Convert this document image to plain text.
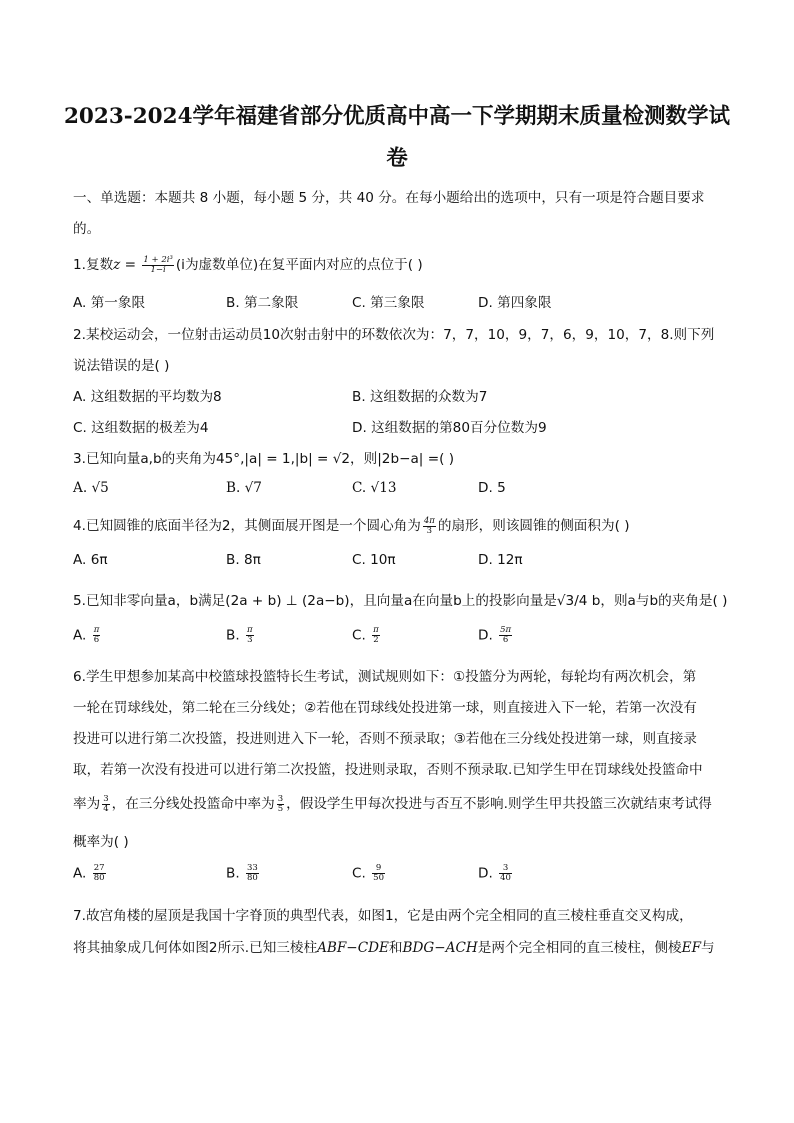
2023-2024学年福建省部分优质高中高一下学期期末质量检测数学试
卷
一、单选题：本题共 8 小题，每小题 5 分，共 40 分。在每小题给出的选项中，只有一项是符合题目要求
的。
1.复数$z = \frac{\text{1 + 2i³}}{1-i} (i$为虚数单位)在复平面内对应的点位于( )
A. 第一象限	B. 第二象限	C. 第三象限	D. 第四象限
2.某校运动会，一位射击运动员10次射击射中的环数依次为：7，7，10，9，7，6，9，10，7，8.则下列
说法错误的是( )
A. 这组数据的平均数为8	B. 这组数据的众数为7
C. 这组数据的极差为4	D. 这组数据的第80百分位数为9
3.已知向量a,b的夹角为45°,|a| = 1,|b| = √2，则|2b−a| =( )
A. √5	B. √7	C. √13	D. 5
4.已知圆锥的底面半径为2，其侧面展开图是一个圆心角为 $\frac{4\pi}{3}$ 的扇形，则该圆锥的侧面积为( )
A. 6π	B. 8π	C. 10π	D. 12π
5.已知非零向量a，b满足(2a + b) ⊥ (2a−b)，且向量a在向量b上的投影向量是√3/4 b，则a与b的夹角是( )
A. $\frac{\pi}{6}$	B. $\frac{\pi}{3}$	C. $\frac{\pi}{2}$	D. $\frac{5\pi}{6}$
6.学生甲想参加某高中校篮球投篮特长生考试，测试规则如下：①投篮分为两轮，每轮均有两次机会，第
一轮在罚球线处，第二轮在三分线处；②若他在罚球线处投进第一球，则直接进入下一轮，若第一次没有
投进可以进行第二次投篮，投进则进入下一轮，否则不预录取；③若他在三分线处投进第一球，则直接录
取，若第一次没有投进可以进行第二次投篮，投进则录取，否则不预录取.已知学生甲在罚球线处投篮命中
率为 $\frac{3}{4}$ ，在三分线处投篮命中率为 $\frac{3}{5}$ ，假设学生甲每次投进与否互不影响.则学生甲共投篮三次就结束考试得
概率为( )
A. $\frac{27}{80}$	B. $\frac{33}{80}$	C. $\frac{9}{50}$	D. $\frac{3}{40}$
7.故宫角楼的屋顶是我国十字脊顶的典型代表，如图1，它是由两个完全相同的直三棱柱垂直交叉构成，
将其抽象成几何体如图2所示.已知三棱柱ABF−CDE和BDG−ACH是两个完全相同的直三棱柱，侧棱EF与
